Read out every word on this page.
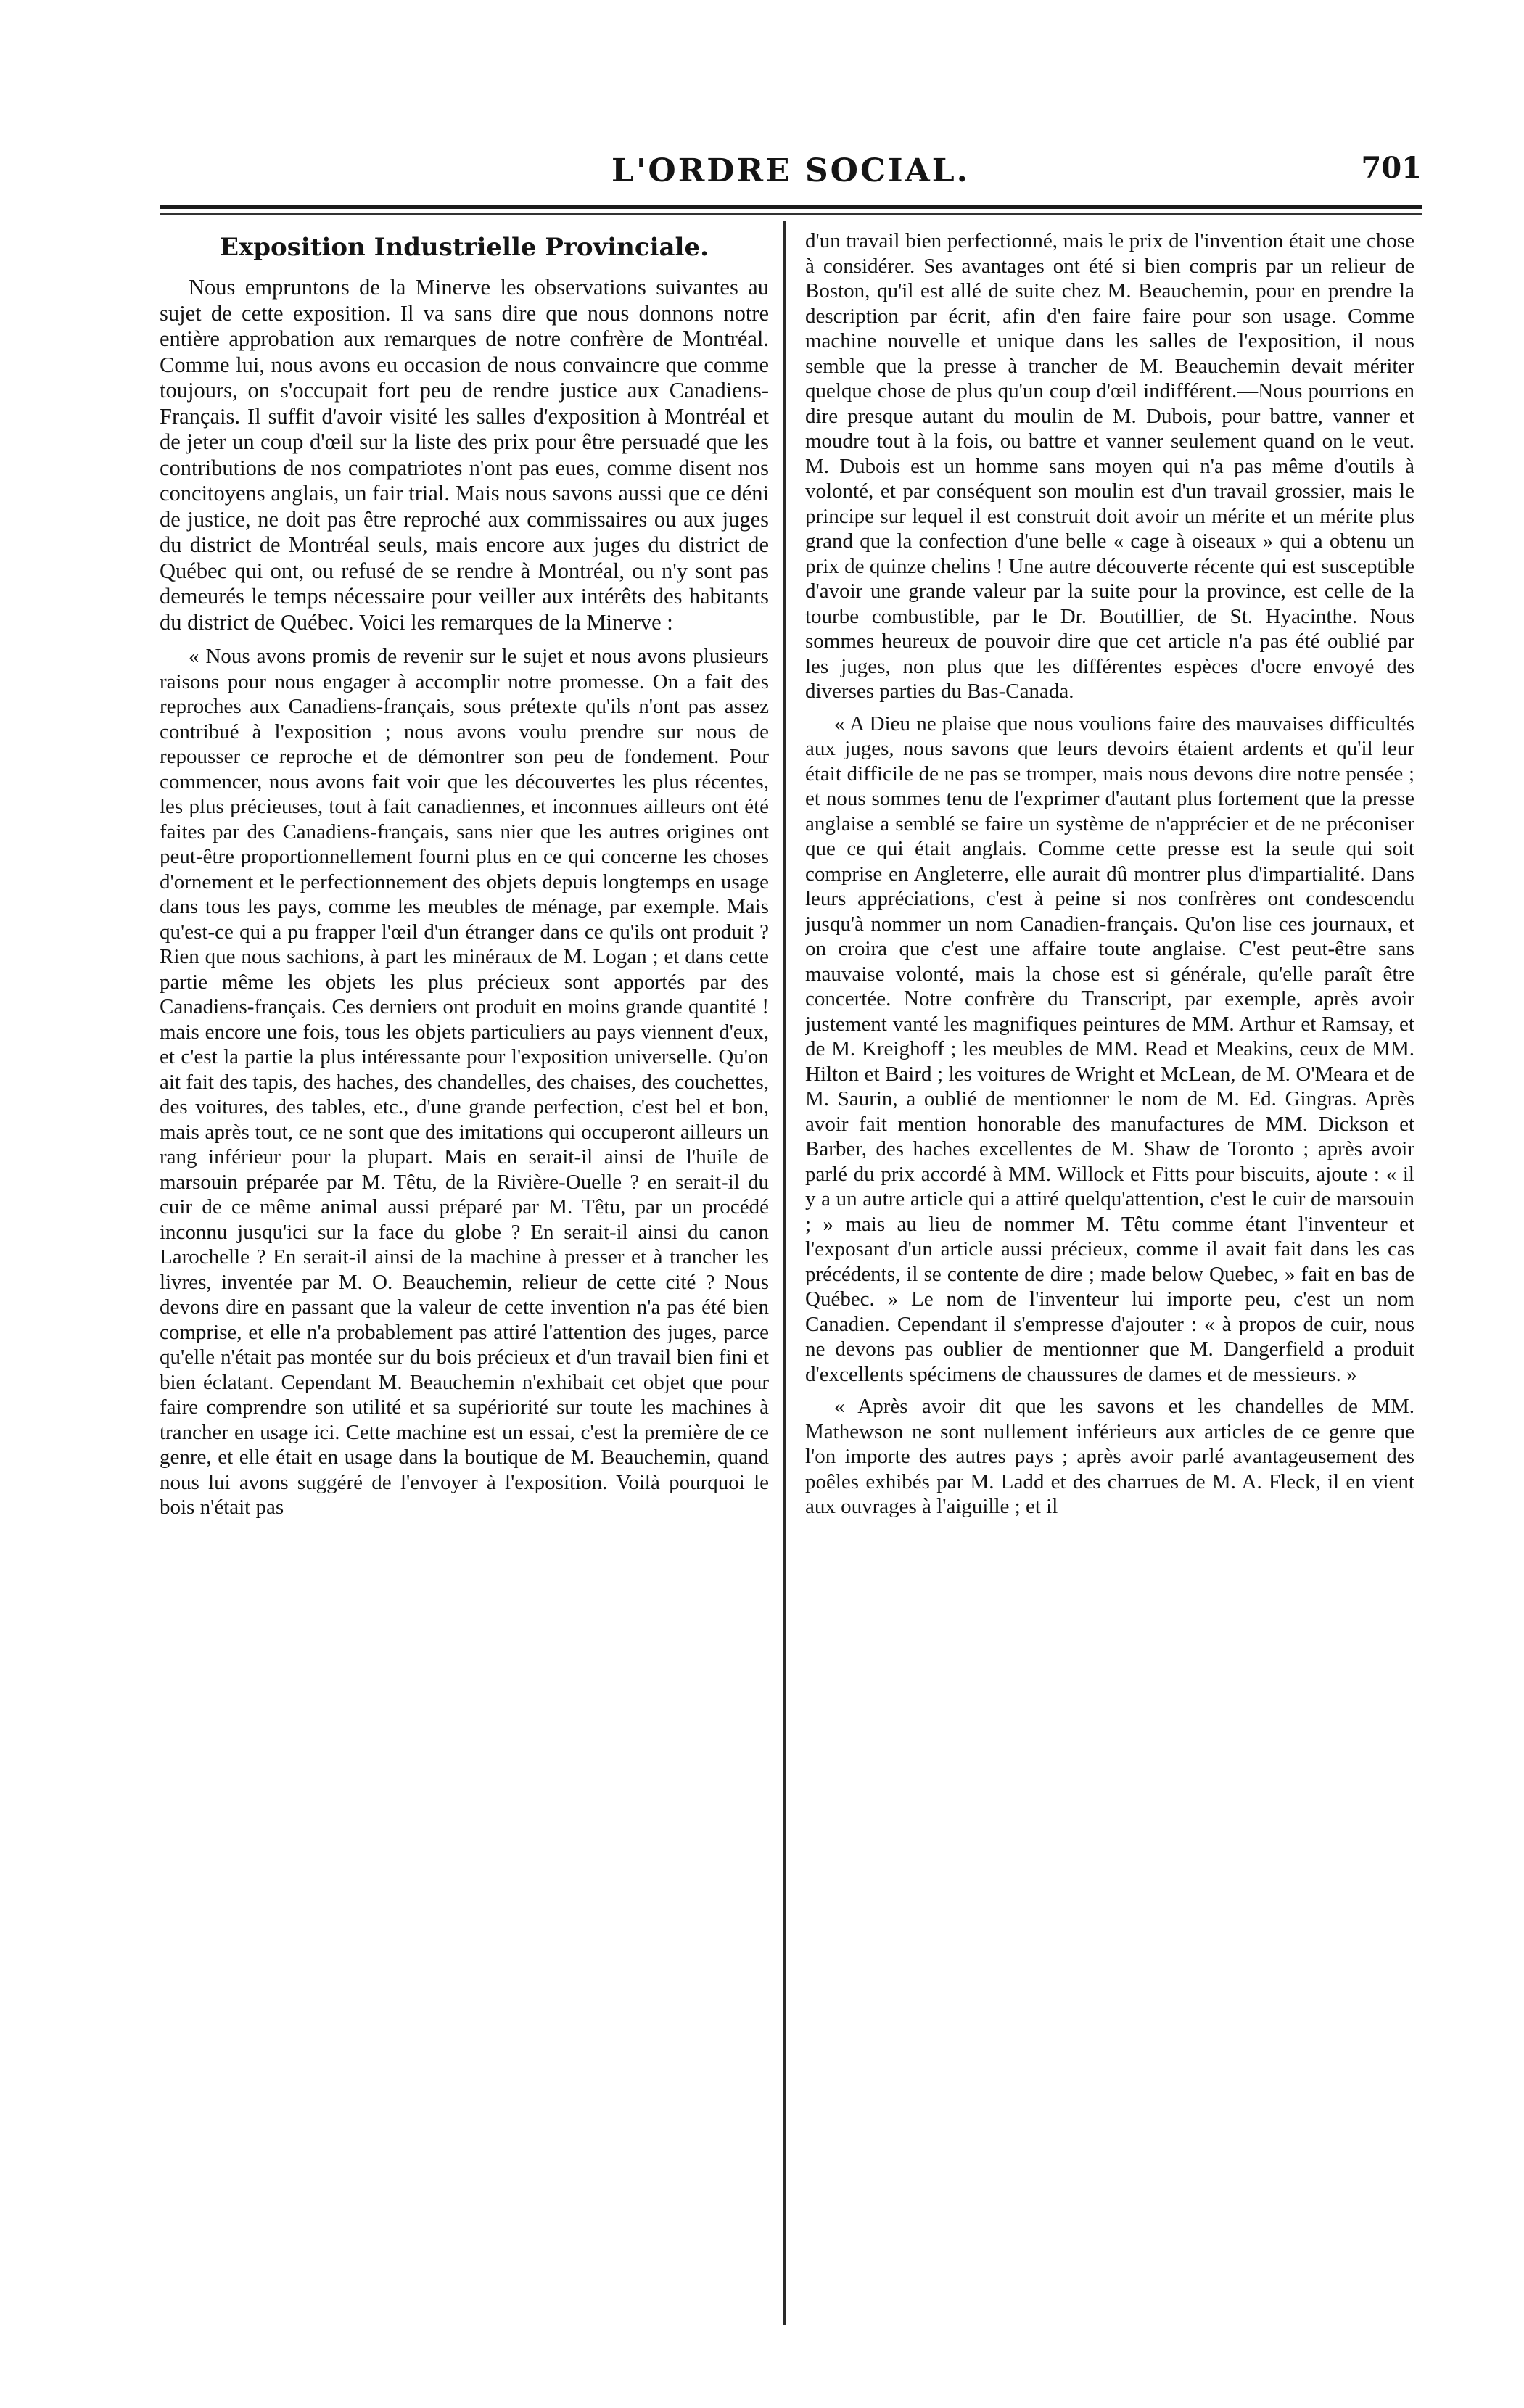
L'ORDRE SOCIAL.	701
Exposition Industrielle Provinciale.

Nous empruntons de la Minerve les observations suivantes au sujet de cette exposition. Il va sans dire que nous donnons notre entière approbation aux remarques de notre confrère de Montréal. Comme lui, nous avons eu occasion de nous convaincre que comme toujours, on s'occupait fort peu de rendre justice aux Canadiens-Français. Il suffit d'avoir visité les salles d'exposition à Montréal et de jeter un coup d'œil sur la liste des prix pour être persuadé que les contributions de nos compatriotes n'ont pas eues, comme disent nos concitoyens anglais, un fair trial. Mais nous savons aussi que ce déni de justice, ne doit pas être reproché aux commissaires ou aux juges du district de Montréal seuls, mais encore aux juges du district de Québec qui ont, ou refusé de se rendre à Montréal, ou n'y sont pas demeurés le temps nécessaire pour veiller aux intérêts des habitants du district de Québec. Voici les remarques de la Minerve :

« Nous avons promis de revenir sur le sujet et nous avons plusieurs raisons pour nous engager à accomplir notre promesse. On a fait des reproches aux Canadiens-français, sous prétexte qu'ils n'ont pas assez contribué à l'exposition ; nous avons voulu prendre sur nous de repousser ce reproche et de démontrer son peu de fondement. Pour commencer, nous avons fait voir que les découvertes les plus récentes, les plus précieuses, tout à fait canadiennes, et inconnues ailleurs ont été faites par des Canadiens-français, sans nier que les autres origines ont peut-être proportionnellement fourni plus en ce qui concerne les choses d'ornement et le perfectionnement des objets depuis longtemps en usage dans tous les pays, comme les meubles de ménage, par exemple. Mais qu'est-ce qui a pu frapper l'œil d'un étranger dans ce qu'ils ont produit ? Rien que nous sachions, à part les minéraux de M. Logan ; et dans cette partie même les objets les plus précieux sont apportés par des Canadiens-français. Ces derniers ont produit en moins grande quantité ! mais encore une fois, tous les objets particuliers au pays viennent d'eux, et c'est la partie la plus intéressante pour l'exposition universelle. Qu'on ait fait des tapis, des haches, des chandelles, des chaises, des couchettes, des voitures, des tables, etc., d'une grande perfection, c'est bel et bon, mais après tout, ce ne sont que des imitations qui occuperont ailleurs un rang inférieur pour la plupart. Mais en serait-il ainsi de l'huile de marsouin préparée par M. Têtu, de la Rivière-Ouelle ? en serait-il du cuir de ce même animal aussi préparé par M. Têtu, par un procédé inconnu jusqu'ici sur la face du globe ? En serait-il ainsi du canon Larochelle ? En serait-il ainsi de la machine à presser et à trancher les livres, inventée par M. O. Beauchemin, relieur de cette cité ? Nous devons dire en passant que la valeur de cette invention n'a pas été bien comprise, et elle n'a probablement pas attiré l'attention des juges, parce qu'elle n'était pas montée sur du bois précieux et d'un travail bien fini et bien éclatant. Cependant M. Beauchemin n'exhibait cet objet que pour faire comprendre son utilité et sa supériorité sur toute les machines à trancher en usage ici. Cette machine est un essai, c'est la première de ce genre, et elle était en usage dans la boutique de M. Beauchemin, quand nous lui avons suggéré de l'envoyer à l'exposition. Voilà pourquoi le bois n'était pas

d'un travail bien perfectionné, mais le prix de l'invention était une chose à considérer. Ses avantages ont été si bien compris par un relieur de Boston, qu'il est allé de suite chez M. Beauchemin, pour en prendre la description par écrit, afin d'en faire faire pour son usage. Comme machine nouvelle et unique dans les salles de l'exposition, il nous semble que la presse à trancher de M. Beauchemin devait mériter quelque chose de plus qu'un coup d'œil indifférent.—Nous pourrions en dire presque autant du moulin de M. Dubois, pour battre, vanner et moudre tout à la fois, ou battre et vanner seulement quand on le veut. M. Dubois est un homme sans moyen qui n'a pas même d'outils à volonté, et par conséquent son moulin est d'un travail grossier, mais le principe sur lequel il est construit doit avoir un mérite et un mérite plus grand que la confection d'une belle « cage à oiseaux » qui a obtenu un prix de quinze chelins ! Une autre découverte récente qui est susceptible d'avoir une grande valeur par la suite pour la province, est celle de la tourbe combustible, par le Dr. Boutillier, de St. Hyacinthe. Nous sommes heureux de pouvoir dire que cet article n'a pas été oublié par les juges, non plus que les différentes espèces d'ocre envoyé des diverses parties du Bas-Canada.

« A Dieu ne plaise que nous voulions faire des mauvaises difficultés aux juges, nous savons que leurs devoirs étaient ardents et qu'il leur était difficile de ne pas se tromper, mais nous devons dire notre pensée ; et nous sommes tenu de l'exprimer d'autant plus fortement que la presse anglaise a semblé se faire un système de n'apprécier et de ne préconiser que ce qui était anglais. Comme cette presse est la seule qui soit comprise en Angleterre, elle aurait dû montrer plus d'impartialité. Dans leurs appréciations, c'est à peine si nos confrères ont condescendu jusqu'à nommer un nom Canadien-français. Qu'on lise ces journaux, et on croira que c'est une affaire toute anglaise. C'est peut-être sans mauvaise volonté, mais la chose est si générale, qu'elle paraît être concertée. Notre confrère du Transcript, par exemple, après avoir justement vanté les magnifiques peintures de MM. Arthur et Ramsay, et de M. Kreighoff ; les meubles de MM. Read et Meakins, ceux de MM. Hilton et Baird ; les voitures de Wright et McLean, de M. O'Meara et de M. Saurin, a oublié de mentionner le nom de M. Ed. Gingras. Après avoir fait mention honorable des manufactures de MM. Dickson et Barber, des haches excellentes de M. Shaw de Toronto ; après avoir parlé du prix accordé à MM. Willock et Fitts pour biscuits, ajoute : « il y a un autre article qui a attiré quelqu'attention, c'est le cuir de marsouin ; » mais au lieu de nommer M. Têtu comme étant l'inventeur et l'exposant d'un article aussi précieux, comme il avait fait dans les cas précédents, il se contente de dire ; made below Quebec, » fait en bas de Québec. » Le nom de l'inventeur lui importe peu, c'est un nom Canadien. Cependant il s'empresse d'ajouter : « à propos de cuir, nous ne devons pas oublier de mentionner que M. Dangerfield a produit d'excellents spécimens de chaussures de dames et de messieurs. »

« Après avoir dit que les savons et les chandelles de MM. Mathewson ne sont nullement inférieurs aux articles de ce genre que l'on importe des autres pays ; après avoir parlé avantageusement des poêles exhibés par M. Ladd et des charrues de M. A. Fleck, il en vient aux ouvrages à l'aiguille ; et il
